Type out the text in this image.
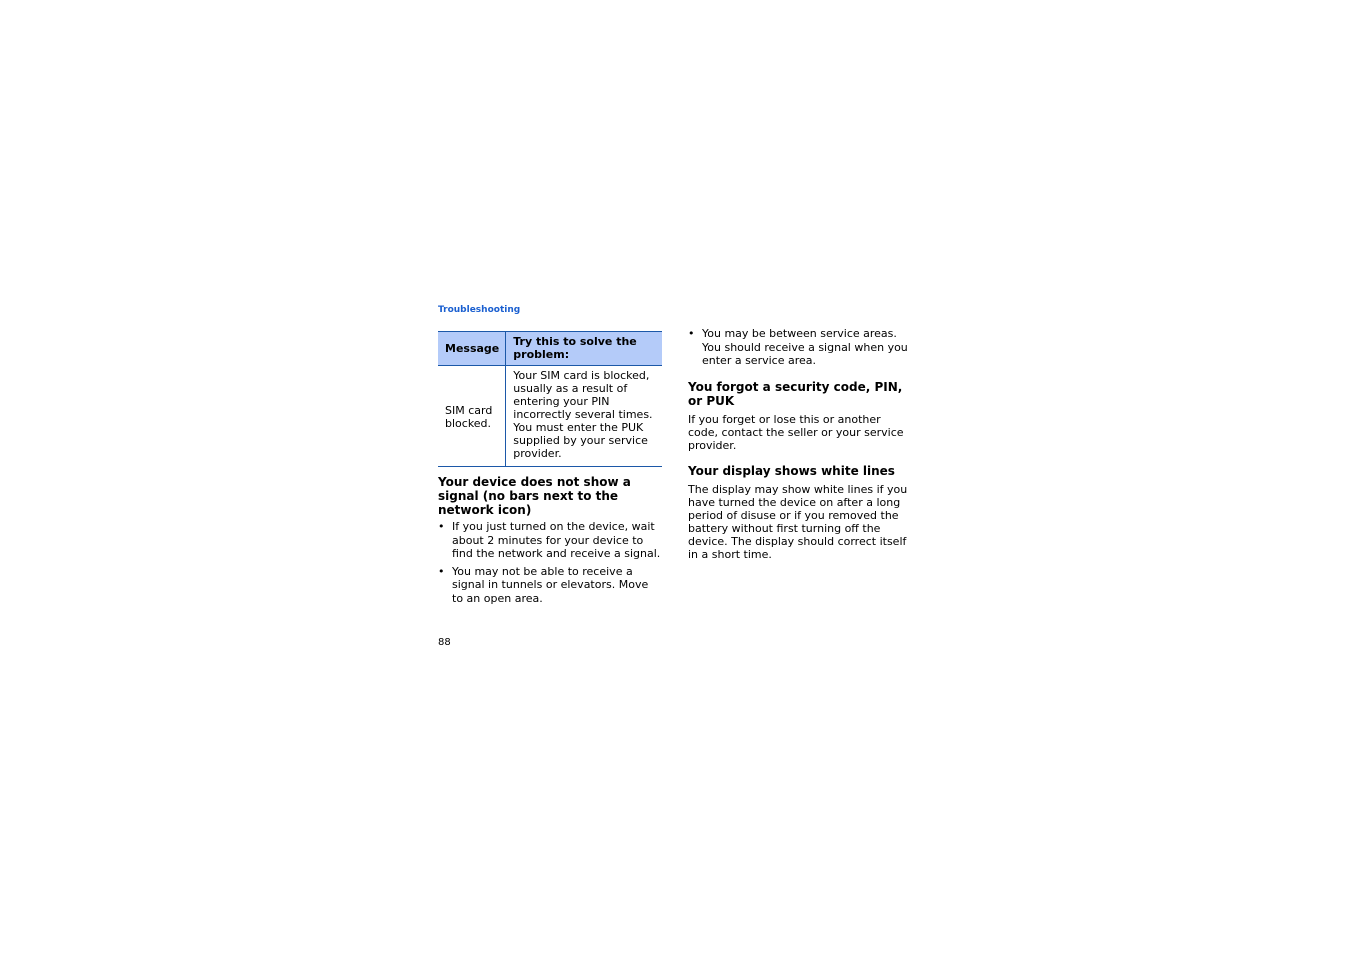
Troubleshooting
Message	Try this to solve the problem:
SIM card blocked.	Your SIM card is blocked, usually as a result of entering your PIN incorrectly several times. You must enter the PUK supplied by your service provider.
Your device does not show a signal (no bars next to the network icon)
• If you just turned on the device, wait about 2 minutes for your device to find the network and receive a signal.
• You may not be able to receive a signal in tunnels or elevators. Move to an open area.
• You may be between service areas. You should receive a signal when you enter a service area.
You forgot a security code, PIN, or PUK

If you forget or lose this or another code, contact the seller or your service provider.

Your display shows white lines

The display may show white lines if you have turned the device on after a long period of disuse or if you removed the battery without first turning off the device. The display should correct itself in a short time.

88
